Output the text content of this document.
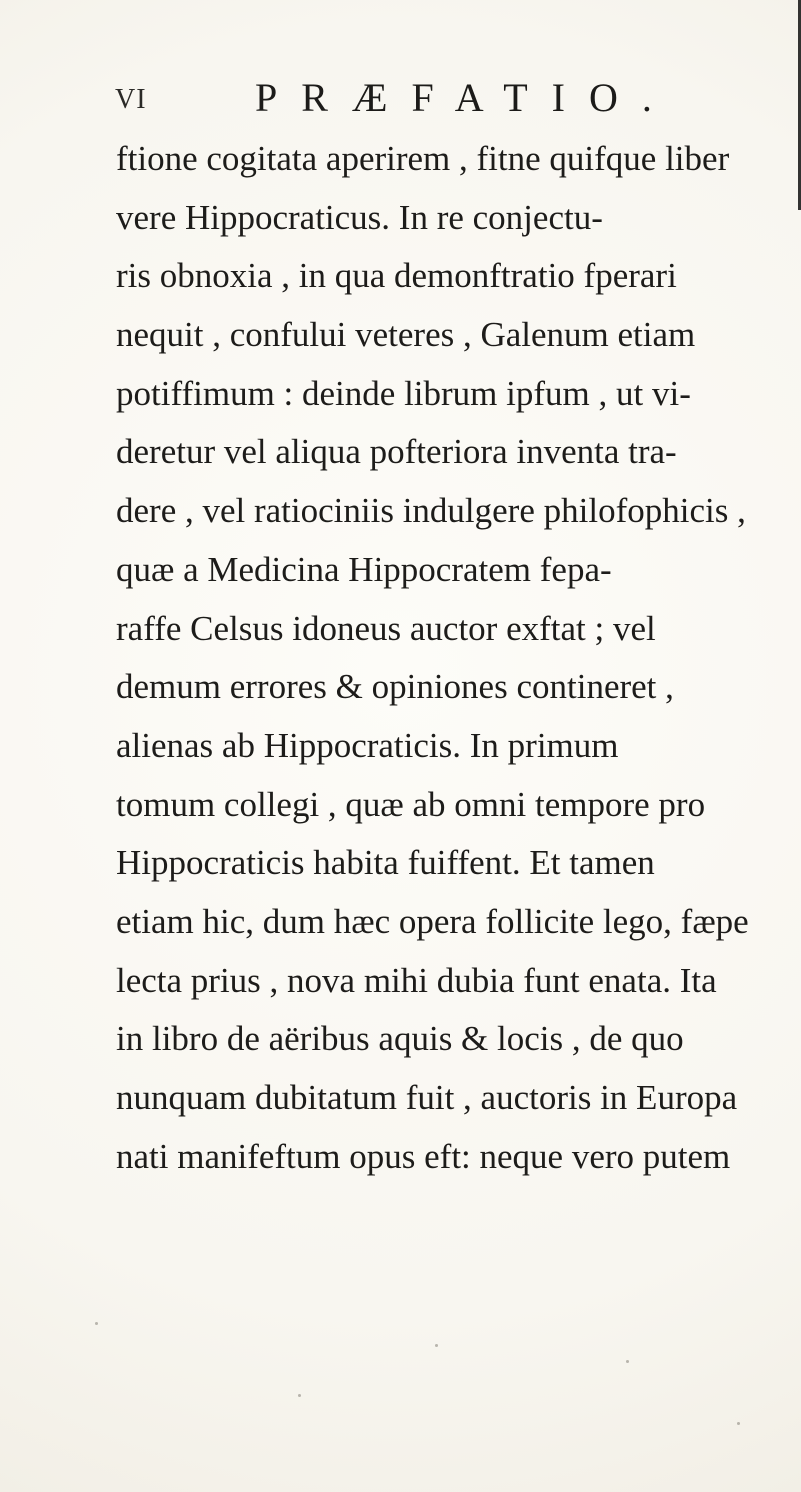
VI	PRÆFATIO.
ftione cogitata aperirem , fitne quifque liber
vere Hippocraticus. In re conjectu-
ris obnoxia , in qua demonftratio fperari
nequit , confului veteres , Galenum etiam
potiffimum : deinde librum ipfum , ut vi-
deretur vel aliqua pofteriora inventa tra-
dere , vel ratiociniis indulgere philofophicis ,
quæ a Medicina Hippocratem fepa-
raffe Celsus idoneus auctor exftat ; vel
demum errores & opiniones contineret ,
alienas ab Hippocraticis. In primum
tomum collegi , quæ ab omni tempore pro
Hippocraticis habita fuiffent. Et tamen
etiam hic, dum hæc opera follicite lego, fæpe
lecta prius , nova mihi dubia funt enata. Ita
in libro de aëribus aquis & locis , de quo
nunquam dubitatum fuit , auctoris in Europa
nati manifeftum opus eft: neque vero putem
